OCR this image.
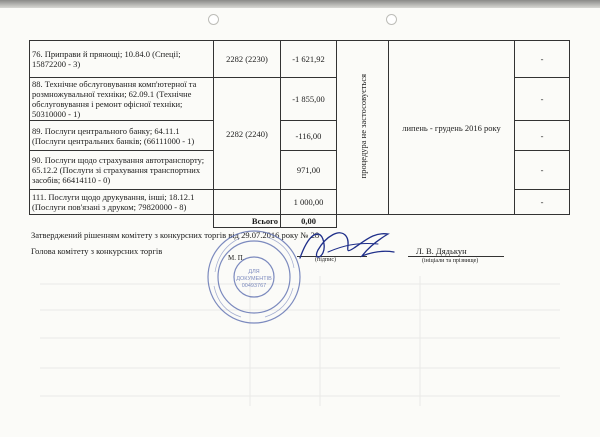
76. Приправи й прянощі; 10.84.0 (Спеції; 15872200 - 3)	2282 (2230)	-1 621,92	процедура не застосовується	липень - грудень 2016 року	-
88. Технічне обслуговування комп'ютерної та розмножувальної техніки; 62.09.1 (Технічне обслуговування і ремонт офісної техніки; 50310000 - 1)	2282 (2240)	-1 855,00			-
89. Послуги центрального банку; 64.11.1 (Послуги центральних банків; (66111000 - 1)		-116,00			-
90. Послуги щодо страхування автотранспорту; 65.12.2 (Послуги зі страхування транспортних засобів; 66414110 - 0)		971,00			-
111. Послуги щодо друкування, інші; 18.12.1 (Послуги пов'язані з друком; 79820000 - 8)		1 000,00			-
	Всього	0,00			
Затверджений рішенням комітету з конкурсних торгів від 29.07.2016 року № 28
Голова комітету з конкурсних торгів
М. П.	(підпис)
Л. В. Дядькун
(ініціали та прізвище)
ДЛЯ
ДОКУМЕНТІВ
00493767
